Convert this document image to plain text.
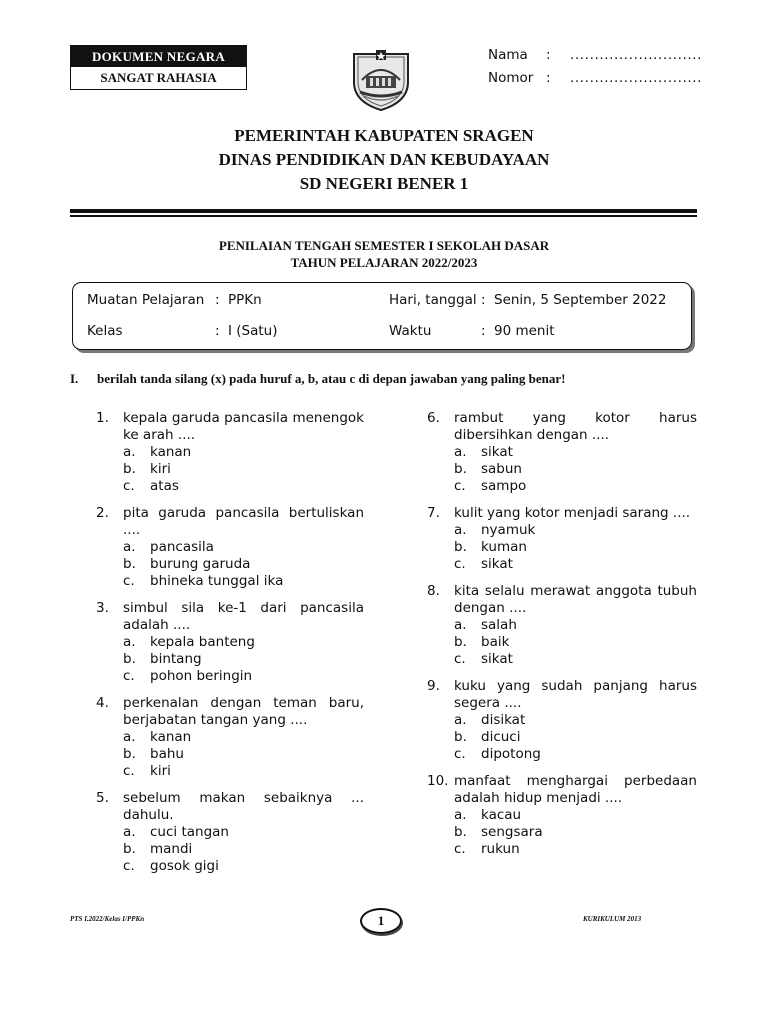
DOKUMEN NEGARA
SANGAT RAHASIA
Nama	:	...........................
Nomor :	...........................
PEMERINTAH KABUPATEN SRAGEN
DINAS PENDIDIKAN DAN KEBUDAYAAN
SD NEGERI BENER 1
PENILAIAN TENGAH SEMESTER I SEKOLAH DASAR
TAHUN PELAJARAN 2022/2023
Muatan Pelajaran : PPKn	Hari, tanggal : Senin, 5 September 2022
Kelas	: I (Satu)	Waktu	: 90 menit
I. berilah tanda silang (x) pada huruf a, b, atau c di depan jawaban yang paling benar!
1.	kepala garuda pancasila menengok ke arah ....
a.	kanan
b.	kiri
c.	atas
2.	pita garuda pancasila bertuliskan ....
a.	pancasila
b.	burung garuda
c.	bhineka tunggal ika
3.	simbul sila ke-1 dari pancasila adalah ....
a.	kepala banteng
b.	bintang
c.	pohon beringin
4.	perkenalan dengan teman baru, berjabatan tangan yang ....
a.	kanan
b.	bahu
c.	kiri
5.	sebelum makan sebaiknya ... dahulu.
a.	cuci tangan
b.	mandi
c.	gosok gigi
6.	rambut yang kotor harus dibersihkan dengan ....
a.	sikat
b.	sabun
c.	sampo
7.	kulit yang kotor menjadi sarang ....
a.	nyamuk
b.	kuman
c.	sikat
8.	kita selalu merawat anggota tubuh dengan ....
a.	salah
b.	baik
c.	sikat
9.	kuku yang sudah panjang harus segera ....
a.	disikat
b.	dicuci
c.	dipotong
10. manfaat menghargai perbedaan adalah hidup menjadi ....
a.	kacau
b.	sengsara
c.	rukun
PTS I.2022/Kelas I/PPKn	1	KURIKULUM 2013
